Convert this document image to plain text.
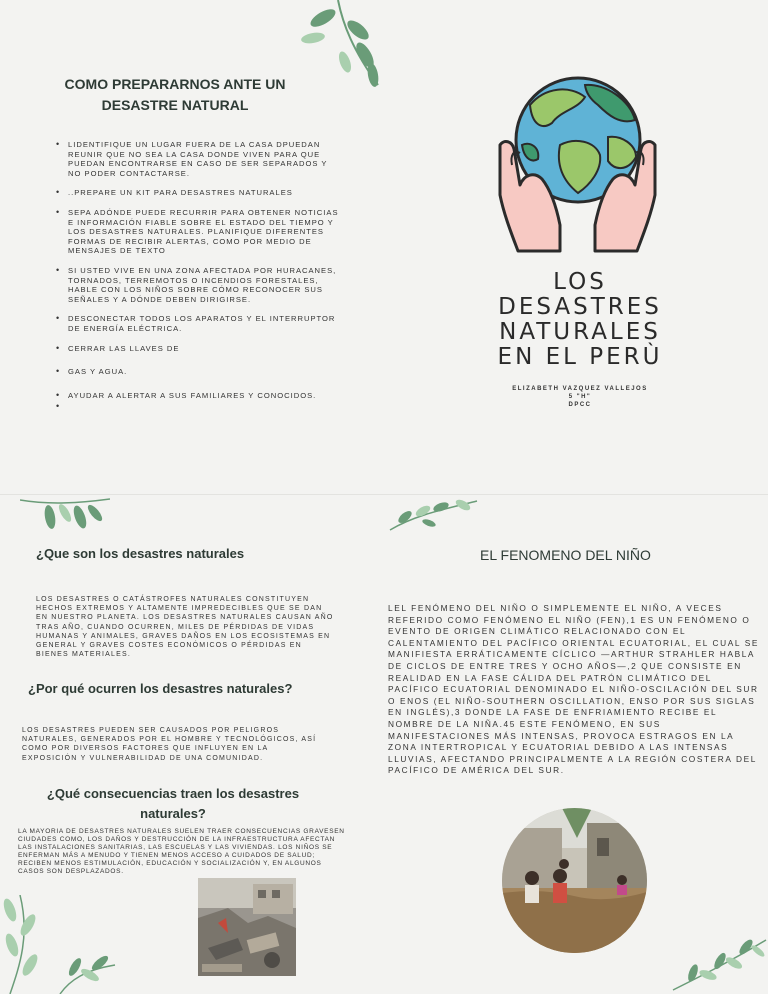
COMO PREPARARNOS ANTE UN
DESASTRE NATURAL
• LIDENTIFIQUE UN LUGAR FUERA DE LA CASA DPUEDAN REUNIR QUE NO SEA LA CASA DONDE VIVEN PARA QUE PUEDAN ENCONTRARSE EN CASO DE SER SEPARADOS Y NO PODER CONTACTARSE.
• ..PREPARE UN KIT PARA DESASTRES NATURALES
• SEPA ADÓNDE PUEDE RECURRIR PARA OBTENER NOTICIAS E INFORMACIÓN FIABLE SOBRE EL ESTADO DEL TIEMPO Y LOS DESASTRES NATURALES. PLANIFIQUE DIFERENTES FORMAS DE RECIBIR ALERTAS, COMO POR MEDIO DE MENSAJES DE TEXTO
• SI USTED VIVE EN UNA ZONA AFECTADA POR HURACANES, TORNADOS, TERREMOTOS O INCENDIOS FORESTALES, HABLE CON LOS NIÑOS SOBRE CÓMO RECONOCER SUS SEÑALES Y A DÓNDE DEBEN DIRIGIRSE.
• DESCONECTAR TODOS LOS APARATOS Y EL INTERRUPTOR DE ENERGÍA ELÉCTRICA.
• CERRAR LAS LLAVES DE
• GAS Y AGUA.
• AYUDAR A ALERTAR A SUS FAMILIARES Y CONOCIDOS.
LOS
DESASTRES
NATURALES
EN EL PERÙ
ELIZABETH VAZQUEZ VALLEJOS
5 "H"
DPCC
¿Que son los desastres naturales
LOS DESASTRES O CATÁSTROFES NATURALES CONSTITUYEN HECHOS EXTREMOS Y ALTAMENTE IMPREDECIBLES QUE SE DAN EN NUESTRO PLANETA. LOS DESASTRES NATURALES CAUSAN AÑO TRAS AÑO, CUANDO OCURREN, MILES DE PÉRDIDAS DE VIDAS HUMANAS Y ANIMALES, GRAVES DAÑOS EN LOS ECOSISTEMAS EN GENERAL Y GRAVES COSTES ECONÓMICOS O PÉRDIDAS EN BIENES MATERIALES.
¿Por qué ocurren los desastres naturales?
LOS DESASTRES PUEDEN SER CAUSADOS POR PELIGROS NATURALES, GENERADOS POR EL HOMBRE Y TECNOLÓGICOS, ASÍ COMO POR DIVERSOS FACTORES QUE INFLUYEN EN LA EXPOSICIÓN Y VULNERABILIDAD DE UNA COMUNIDAD.
¿Qué consecuencias traen los desastres
naturales?
LA MAYORIA DE DESASTRES NATURALES SUELEN TRAER CONSECUENCIAS GRAVESEN CIUDADES COMO, LOS DAÑOS Y DESTRUCCIÓN DE LA INFRAESTRUCTURA AFECTAN LAS INSTALACIONES SANITARIAS, LAS ESCUELAS Y LAS VIVIENDAS. LOS NIÑOS SE ENFERMAN MÁS A MENUDO Y TIENEN MENOS ACCESO A CUIDADOS DE SALUD; RECIBEN MENOS ESTIMULACIÓN, EDUCACIÓN Y SOCIALIZACIÓN Y, EN ALGUNOS CASOS SON DESPLAZADOS.
EL FENOMENO DEL NIÑO
LEL FENÓMENO DEL NIÑO O SIMPLEMENTE EL NIÑO, A VECES REFERIDO COMO FENÓMENO EL NIÑO (FEN),1 ES UN FENÓMENO O EVENTO DE ORIGEN CLIMÁTICO RELACIONADO CON EL CALENTAMIENTO DEL PACÍFICO ORIENTAL ECUATORIAL, EL CUAL SE MANIFIESTA ERRÁTICAMENTE CÍCLICO —ARTHUR STRAHLER HABLA DE CICLOS DE ENTRE TRES Y OCHO AÑOS—,2 QUE CONSISTE EN REALIDAD EN LA FASE CÁLIDA DEL PATRÓN CLIMÁTICO DEL PACÍFICO ECUATORIAL DENOMINADO EL NIÑO-OSCILACIÓN DEL SUR O ENOS (EL NIÑO-SOUTHERN OSCILLATION, ENSO POR SUS SIGLAS EN INGLÉS),3 DONDE LA FASE DE ENFRIAMIENTO RECIBE EL NOMBRE DE LA NIÑA.45 ESTE FENÓMENO, EN SUS MANIFESTACIONES MÁS INTENSAS, PROVOCA ESTRAGOS EN LA ZONA INTERTROPICAL Y ECUATORIAL DEBIDO A LAS INTENSAS LLUVIAS, AFECTANDO PRINCIPALMENTE A LA REGIÓN COSTERA DEL PACÍFICO DE AMÉRICA DEL SUR.
